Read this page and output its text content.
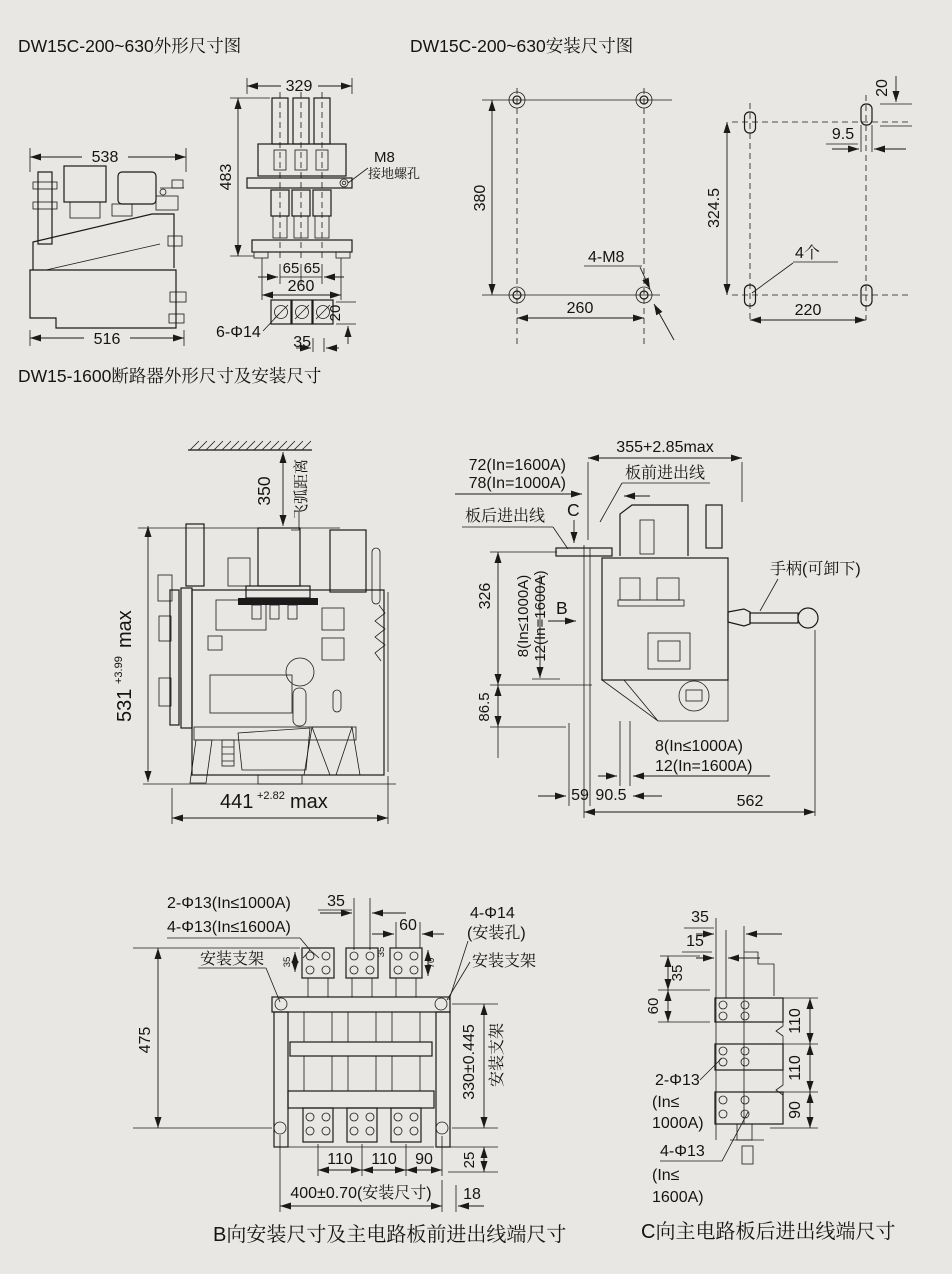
DW15C-200~630外形尺寸图	DW15C-200~630安装尺寸图
DW15-1600断路器外形尺寸及安装尺寸
538
516
329
483
M8
接地螺孔
65 65
260
6-Φ14
20
35
380
260
4-M8
20
9.5
324.5
4个
220
350 飞弧距离
531
+3.99
max
441 +2.82 max
355+2.85max
72(In=1600A)
78(In=1000A)
板前进出线
板后进出线 C
手柄(可卸下)
326
86.5
8(In≤1000A) 12(In=1600A) B
8(In≤1000A)
12(In=1600A)
59 90.5	562
2-Φ13(In≤1000A)
4-Φ13(In≤1600A)
35
35
70
35
60
4-Φ14
(安装孔)
安装支架	安装支架
475	330±0.445 安装支架
25
110 110 90
400±0.70(安装尺寸) 18
B向安装尺寸及主电路板前进出线端尺寸
35
15
35
60
110
110
90
2-Φ13
(In≤
1000A)
4-Φ13
(In≤
1600A)
C向主电路板后进出线端尺寸
